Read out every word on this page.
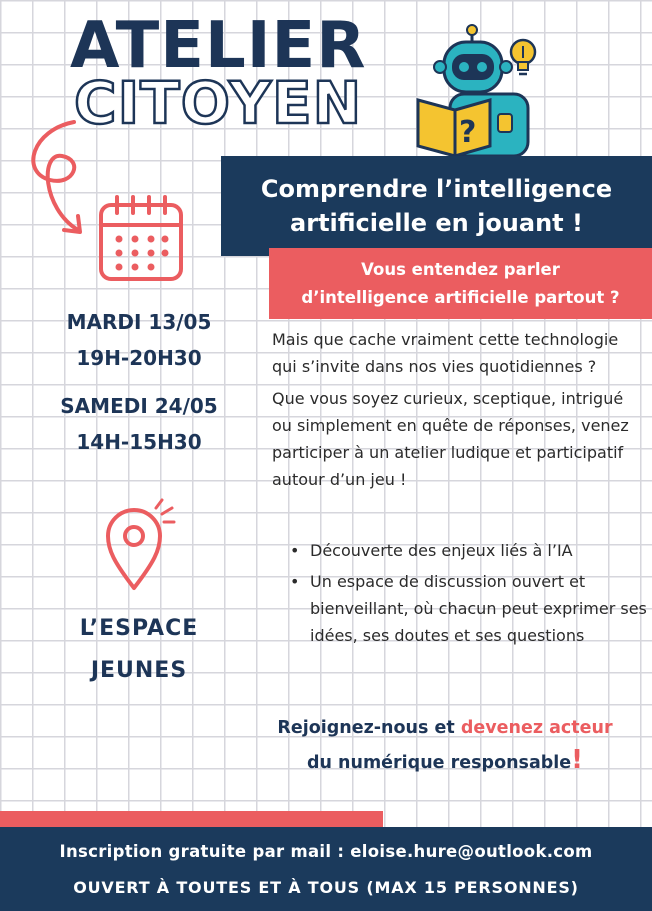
ATELIER
CITOYEN	?
Comprendre l’intelligence
artificielle en jouant !
Vous entendez parler
d’intelligence artificielle partout ?
MARDI 13/05
19H-20H30
SAMEDI 24/05
14H-15H30
L’ESPACE
JEUNES

Mais que cache vraiment cette technologie qui s’invite dans nos vies quotidiennes ?

Que vous soyez curieux, sceptique, intrigué ou simplement en quête de réponses, venez participer à un atelier ludique et participatif autour d’un jeu !

• Découverte des enjeux liés à l’IA
• Un espace de discussion ouvert et bienveillant, où chacun peut exprimer ses idées, ses doutes et ses questions
Rejoignez-nous et devenez acteur
du numérique responsable!
Inscription gratuite par mail : eloise.hure@outlook.com
OUVERT À TOUTES ET À TOUS (MAX 15 PERSONNES)
